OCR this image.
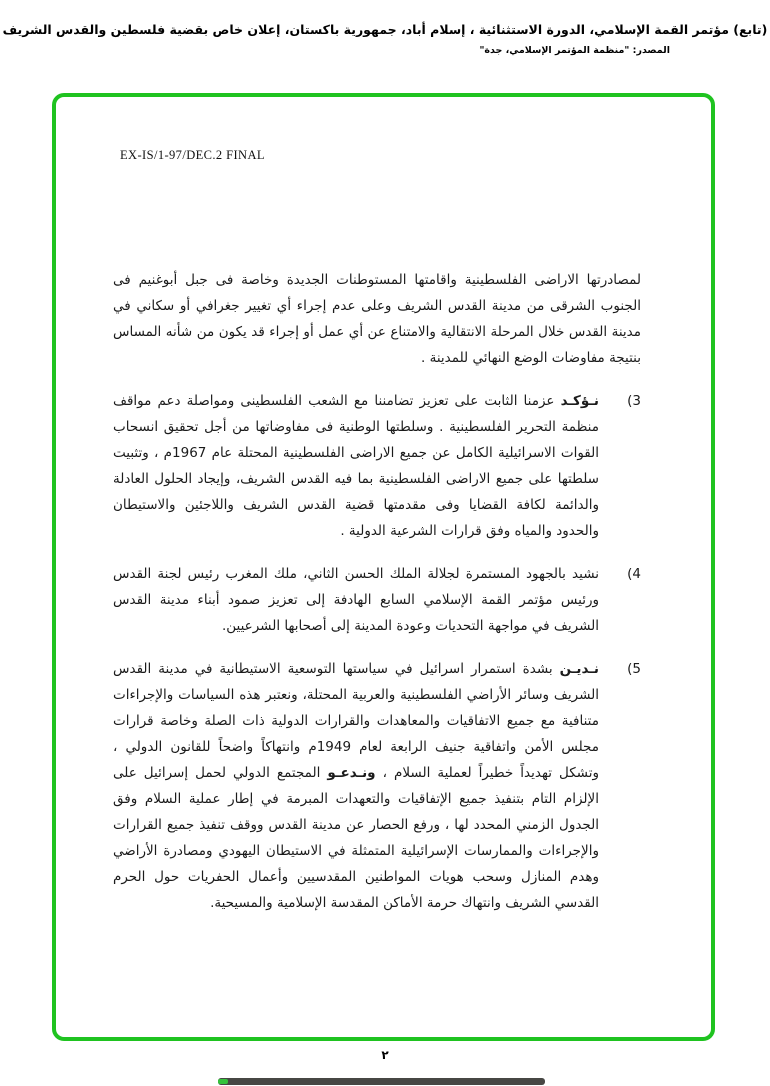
(تابع) مؤتمر القمة الإسلامي، الدورة الاستثنائية ، إسلام أباد، جمهورية باكستان، إعلان خاص بقضية فلسطين والقدس الشريف
المصدر: "منظمة المؤتمر الإسلامي، جدة"
EX-IS/1-97/DEC.2 FINAL

لمصادرتها الاراضى الفلسطينية واقامتها المستوطنات الجديدة وخاصة فى جبل أبوغنيم فى الجنوب الشرقى من مدينة القدس الشريف وعلى عدم إجراء أي تغيير جغرافي أو سكاني في مدينة القدس خلال المرحلة الانتقالية والامتناع عن أي عمل أو إجراء قد يكون من شأنه المساس بنتيجة مفاوضات الوضع النهائي للمدينة .

(3

نـؤكـد عزمنا الثابت على تعزيز تضامننا مع الشعب الفلسطينى ومواصلة دعم مواقف منظمة التحرير الفلسطينية . وسلطتها الوطنية فى مفاوضاتها من أجل تحقيق انسحاب القوات الاسرائيلية الكامل عن جميع الاراضى الفلسطينية المحتلة عام 1967م ، وتثبيت سلطتها على جميع الاراضى الفلسطينية بما فيه القدس الشريف، وإيجاد الحلول العادلة والدائمة لكافة القضايا وفى مقدمتها قضية القدس الشريف واللاجئين والاستيطان والحدود والمياه وفق قرارات الشرعية الدولية .

(4

نشيد بالجهود المستمرة لجلالة الملك الحسن الثاني، ملك المغرب رئيس لجنة القدس ورئيس مؤتمر القمة الإسلامي السابع الهادفة إلى تعزيز صمود أبناء مدينة القدس الشريف في مواجهة التحديات وعودة المدينة إلى أصحابها الشرعيين.

(5

نـديـن بشدة استمرار اسرائيل في سياستها التوسعية الاستيطانية في مدينة القدس الشريف وسائر الأراضي الفلسطينية والعربية المحتلة، ونعتبر هذه السياسات والإجراءات متنافية مع جميع الاتفاقيات والمعاهدات والقرارات الدولية ذات الصلة وخاصة قرارات مجلس الأمن واتفاقية جنيف الرابعة لعام 1949م وانتهاكاً واضحاً للقانون الدولي ، وتشكل تهديداً خطيراً لعملية السلام ، ونـدعـو المجتمع الدولي لحمل إسرائيل على الإلزام التام بتنفيذ جميع الإتفاقيات والتعهدات المبرمة في إطار عملية السلام وفق الجدول الزمني المحدد لها ، ورفع الحصار عن مدينة القدس ووقف تنفيذ جميع القرارات والإجراءات والممارسات الإسرائيلية المتمثلة في الاستيطان اليهودي ومصادرة الأراضي وهدم المنازل وسحب هويات المواطنين المقدسيين وأعمال الحفريات حول الحرم القدسي الشريف وانتهاك حرمة الأماكن المقدسة الإسلامية والمسيحية.

٢
